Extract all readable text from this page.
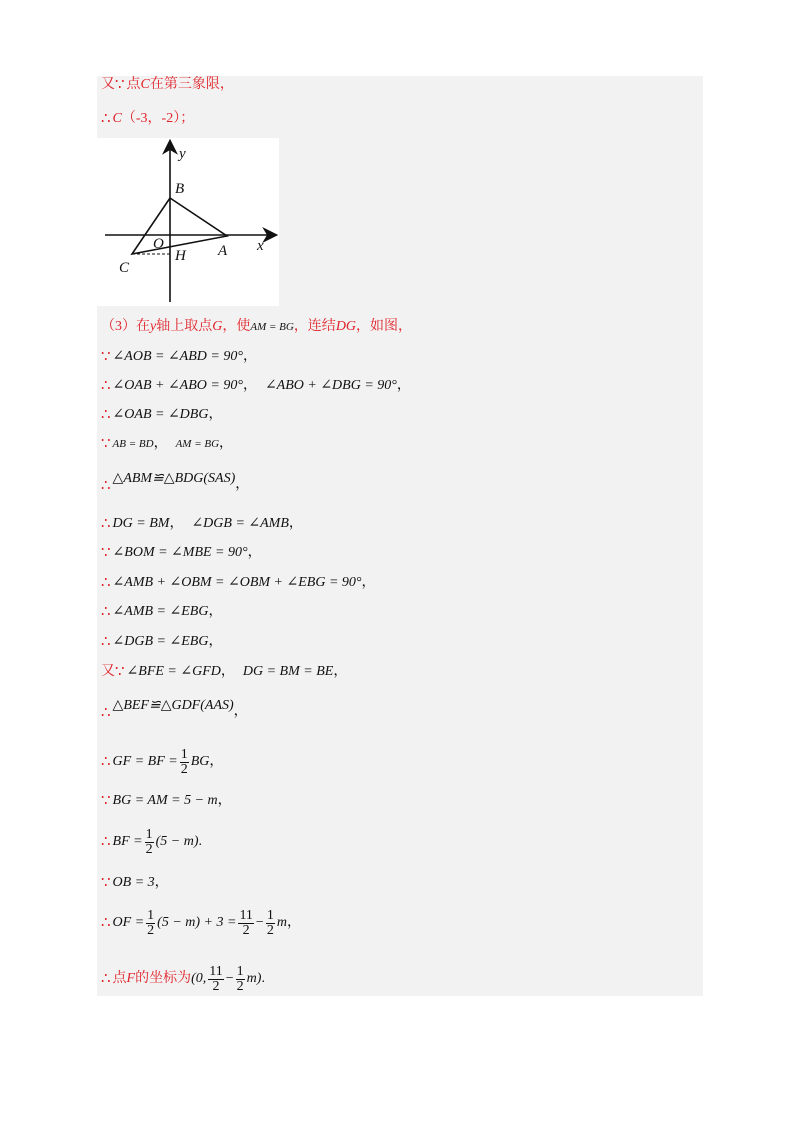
又 ∵ 点 C 在第三象限，
∴ C （-3，-2）；
y
x
B
O	A
C
H
（3）在 y 轴上取点 G ，使 AM = BG ，连结 DG ，如图，
∵ ∠AOB = ∠ABD = 90° ，
∴ ∠OAB + ∠ABO = 90° ， ∠ABO + ∠DBG = 90° ，
∴ ∠OAB = ∠DBG ，
∵ AB = BD ， AM = BG ，
∴ △ABM≌△BDG(SAS) ，
∴ DG = BM ， ∠DGB = ∠AMB ，
∵ ∠BOM = ∠MBE = 90° ，
∴ ∠AMB + ∠OBM = ∠OBM + ∠EBG = 90° ，
∴ ∠AMB = ∠EBG ，
∴ ∠DGB = ∠EBG ，
又 ∵ ∠BFE = ∠GFD ， DG = BM = BE ，
∴ △BEF≌△GDF(AAS) ，
∴ GF = BF = $\frac{1}{2}$ BG ，
∵ BG = AM = 5 − m ，
∴ BF = $\frac{1}{2} (5 - m)$ .
∵ OB = 3 ，
∴ OF = $\frac{1}{2} (5 - m) + 3 = \frac{11}{2} - \frac{1}{2}$ m ，
∴ 点 F 的坐标为 (0, $\frac{11}{2} - \frac{1}{2} m$) .
